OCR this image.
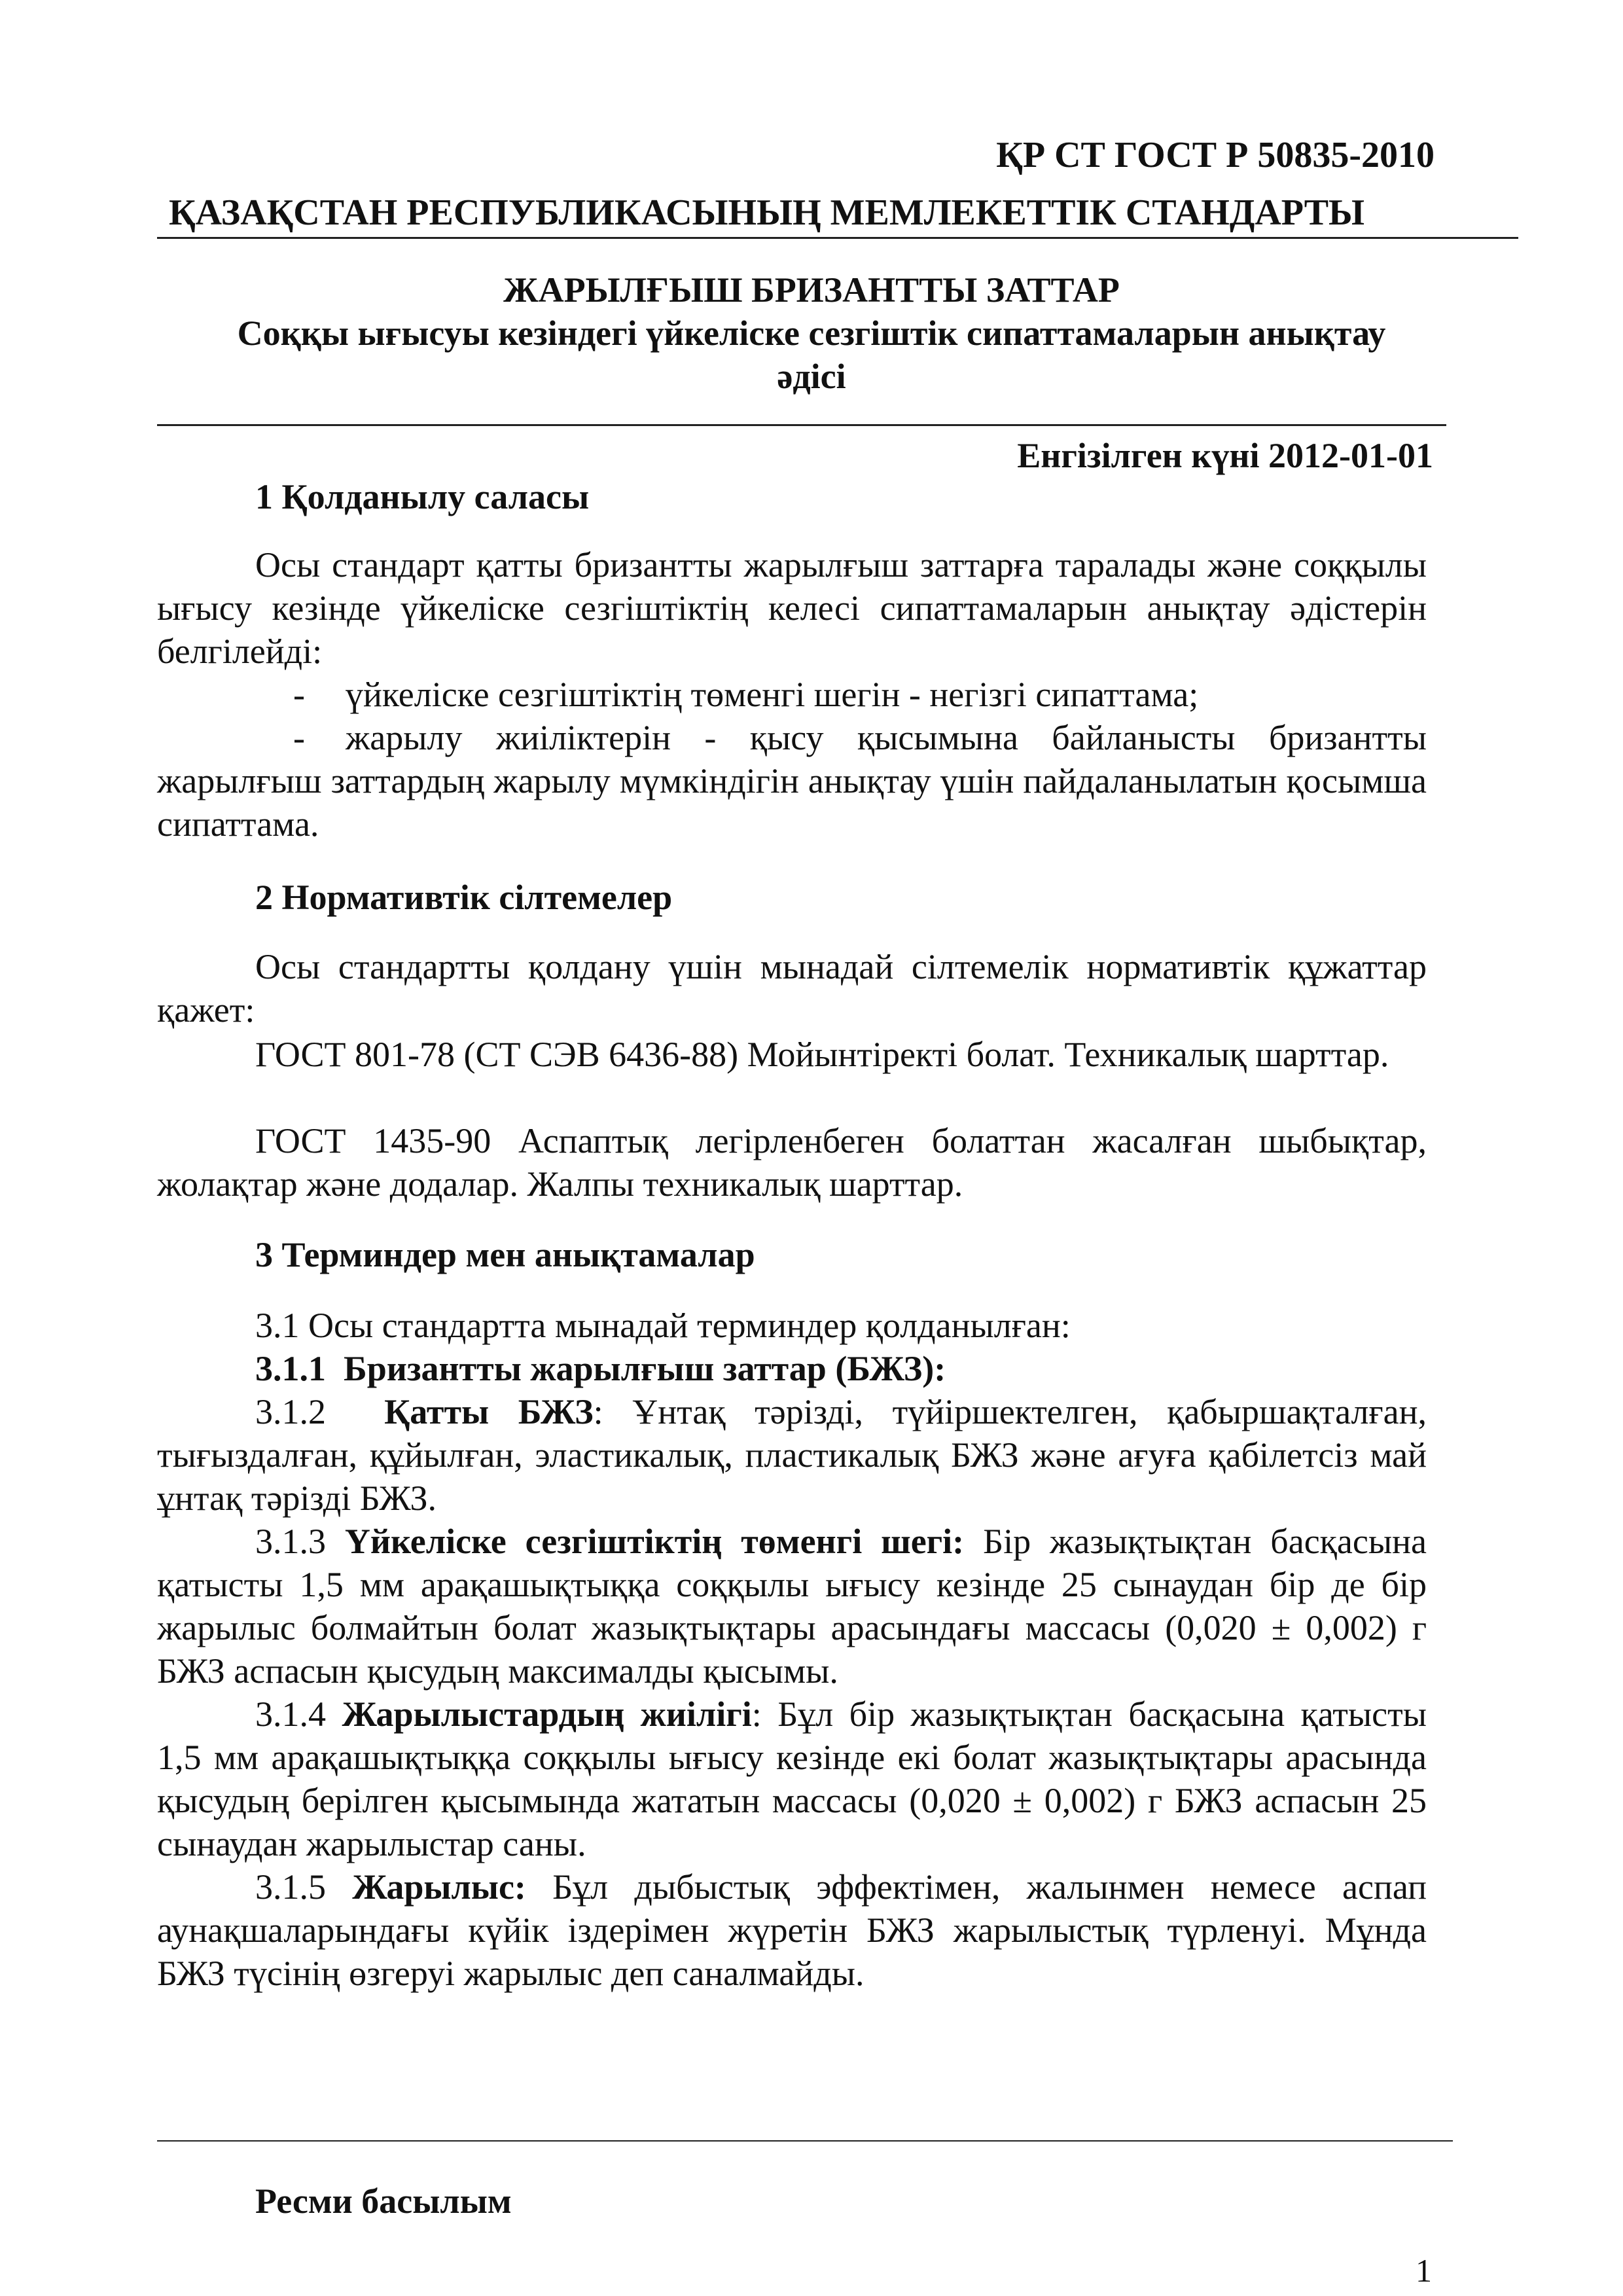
ҚР СТ ГОСТ Р 50835-2010
ҚАЗАҚСТАН РЕСПУБЛИКАСЫНЫҢ МЕМЛЕКЕТТІК СТАНДАРТЫ
ЖАРЫЛҒЫШ БРИЗАНТТЫ ЗАТТАР
Соққы ығысуы кезіндегі үйкеліске сезгіштік сипаттамаларын анықтау
әдісі
Енгізілген күні 2012-01-01
1 Қолданылу саласы
Осы стандарт қатты бризантты жарылғыш заттарға таралады және соққылы ығысу кезінде үйкеліске сезгіштіктің келесі сипаттамаларын анықтау әдістерін белгілейді:
- үйкеліске сезгіштіктің төменгі шегін - негізгі сипаттама;
- жарылу жиіліктерін - қысу қысымына байланысты бризантты жарылғыш заттардың жарылу мүмкіндігін анықтау үшін пайдаланылатын қосымша сипаттама.
2 Нормативтік сілтемелер
Осы стандартты қолдану үшін мынадай сілтемелік нормативтік құжаттар қажет:
ГОСТ 801-78 (СТ СЭВ 6436-88) Мойынтіректі болат. Техникалық шарттар.
ГОСТ 1435-90 Аспаптық легірленбеген болаттан жасалған шыбықтар, жолақтар және додалар. Жалпы техникалық шарттар.
3 Терминдер мен анықтамалар
3.1 Осы стандартта мынадай терминдер қолданылған:
3.1.1 Бризантты жарылғыш заттар (БЖЗ):
3.1.2 Қатты БЖЗ: Ұнтақ тәрізді, түйіршектелген, қабыршақталған, тығыздалған, құйылған, эластикалық, пластикалық БЖЗ және ағуға қабілетсіз май ұнтақ тәрізді БЖЗ.
3.1.3 Үйкеліске сезгіштіктің төменгі шегі: Бір жазықтықтан басқасына қатысты 1,5 мм арақашықтыққа соққылы ығысу кезінде 25 сынаудан бір де бір жарылыс болмайтын болат жазықтықтары арасындағы массасы (0,020 ± 0,002) г БЖЗ аспасын қысудың максималды қысымы.
3.1.4 Жарылыстардың жиілігі: Бұл бір жазықтықтан басқасына қатысты 1,5 мм арақашықтыққа соққылы ығысу кезінде екі болат жазықтықтары арасында қысудың берілген қысымында жататын массасы (0,020 ± 0,002) г БЖЗ аспасын 25 сынаудан жарылыстар саны.
3.1.5 Жарылыс: Бұл дыбыстық эффектімен, жалынмен немесе аспап аунақшаларындағы күйік іздерімен жүретін БЖЗ жарылыстық түрленуі. Мұнда БЖЗ түсінің өзгеруі жарылыс деп саналмайды.
Ресми басылым
1
